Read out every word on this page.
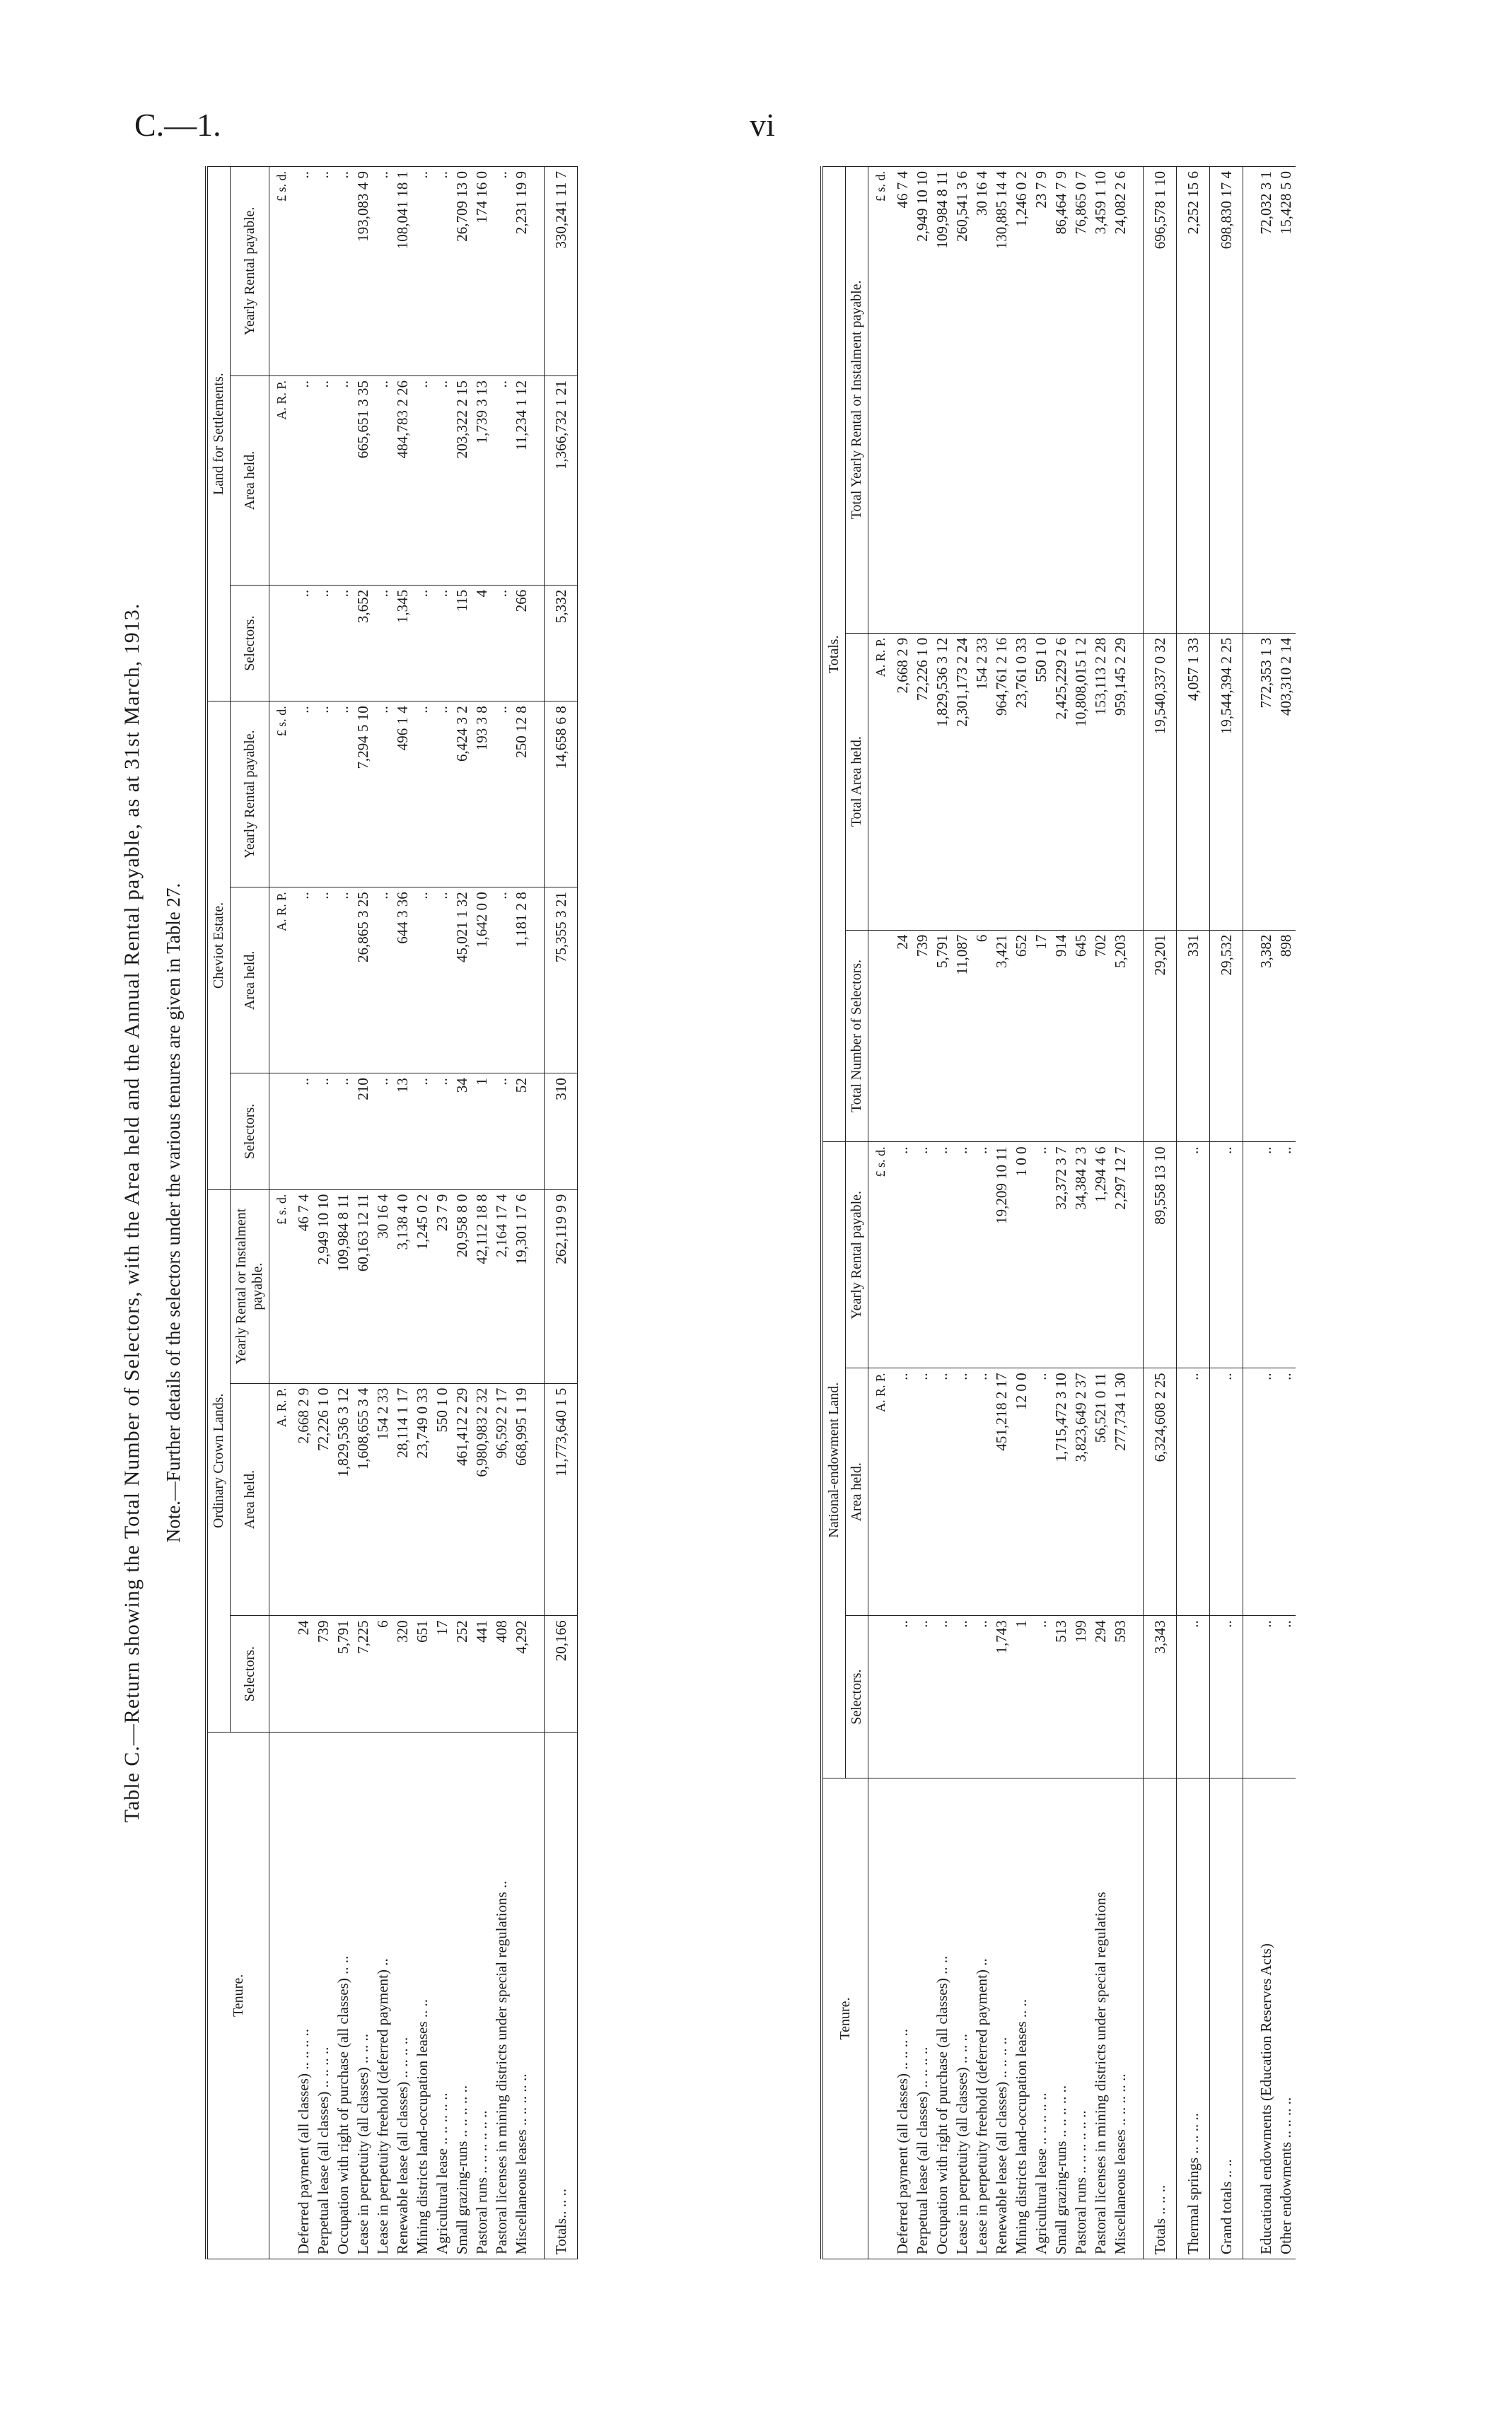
C.—1.	vi
Table C.—Return showing the Total Number of Selectors, with the Area held and the Annual Rental payable, as at 31st March, 1913. Note.—Further details of the selectors under the various tenures are given in Table 27.
Tenure.	Ordinary Crown Lands.			Cheviot Estate.			Land for Settlements.		
	Selectors.	Area held.	Yearly Rental or Instalment payable.	Selectors.	Area held.	Yearly Rental payable.	Selectors.	Area held.	Yearly Rental payable.
		A. R. P.	£ s. d.		A. R. P.	£ s. d.		A. R. P.	£ s. d.
Deferred payment (all classes) .. .. .. ..	24	2,668 2 9	46 7 4	..	..	..	..	..	..
Perpetual lease (all classes) .. .. .. ..	739	72,226 1 0	2,949 10 10	..	..	..	..	..	..
Occupation with right of purchase (all classes) .. ..	5,791	1,829,536 3 12	109,984 8 11	..	..	..	..	..	..
Lease in perpetuity (all classes) .. .. ..	7,225	1,608,655 3 4	60,163 12 11	210	26,865 3 25	7,294 5 10	3,652	665,651 3 35	193,083 4 9
Lease in perpetuity freehold (deferred payment) ..	6	154 2 33	30 16 4	..	..	..	..	..	..
Renewable lease (all classes) .. .. .. ..	320	28,114 1 17	3,138 4 0	13	644 3 36	496 1 4	1,345	484,783 2 26	108,041 18 1
Mining districts land-occupation leases .. ..	651	23,749 0 33	1,245 0 2	..	..	..	..	..	..
Agricultural lease .. .. .. .. ..	17	550 1 0	23 7 9	..	..	..	..	..	..
Small grazing-runs .. .. .. .. ..	252	461,412 2 29	20,958 8 0	34	45,021 1 32	6,424 3 2	115	203,322 2 15	26,709 13 0
Pastoral runs .. .. .. .. .. ..	441	6,980,983 2 32	42,112 18 8	1	1,642 0 0	193 3 8	4	1,739 3 13	174 16 0
Pastoral licenses in mining districts under special regulations ..	408	96,592 2 17	2,164 17 4	..	..	..	..	..	..
Miscellaneous leases .. .. .. .. ..	4,292	668,995 1 19	19,301 17 6	52	1,181 2 8	250 12 8	266	11,234 1 12	2,231 19 9

Totals.. .. ..	20,166	11,773,640 1 5	262,119 9 9	310	75,355 3 21	14,658 6 8	5,332	1,366,732 1 21	330,241 11 7
Tenure.	National-endowment Land.			Totals.		
	Selectors.	Area held.	Yearly Rental payable.	Total Number of Selectors.	Total Area held.	Total Yearly Rental or Instalment payable.
		A. R. P.	£ s. d.		A. R. P.	£ s. d.
Deferred payment (all classes) .. .. .. ..	..	..	..	24	2,668 2 9	46 7 4
Perpetual lease (all classes) .. .. .. ..	..	..	..	739	72,226 1 0	2,949 10 10
Occupation with right of purchase (all classes) .. ..	..	..	..	5,791	1,829,536 3 12	109,984 8 11
Lease in perpetuity (all classes) .. .. ..	..	..	..	11,087	2,301,173 2 24	260,541 3 6
Lease in perpetuity freehold (deferred payment) ..	..	..	..	6	154 2 33	30 16 4
Renewable lease (all classes) .. .. .. ..	1,743	451,218 2 17	19,209 10 11	3,421	964,761 2 16	130,885 14 4
Mining districts land-occupation leases .. ..	1	12 0 0	1 0 0	652	23,761 0 33	1,246 0 2
Agricultural lease .. .. .. .. ..	..	..	..	17	550 1 0	23 7 9
Small grazing-runs .. .. .. .. ..	513	1,715,472 3 10	32,372 3 7	914	2,425,229 2 6	86,464 7 9
Pastoral runs .. .. .. .. .. ..	199	3,823,649 2 37	34,384 2 3	645	10,808,015 1 2	76,865 0 7
Pastoral licenses in mining districts under special regulations	294	56,521 0 11	1,294 4 6	702	153,113 2 28	3,459 1 10
Miscellaneous leases .. .. .. .. ..	593	277,734 1 30	2,297 12 7	5,203	959,145 2 29	24,082 2 6

Totals .. .. ..	3,343	6,324,608 2 25	89,558 13 10	29,201	19,540,337 0 32	696,578 1 10
Thermal springs .. .. .. ..	..	..	..	331	4,057 1 33	2,252 15 6
Grand totals .. ..	..	..	..	29,532	19,544,394 2 25	698,830 17 4

Educational endowments (Education Reserves Acts)	..	..	..	3,382	772,353 1 3	72,032 3 1
Other endowments .. .. .. ..	..	..	..	898	403,310 2 14	15,428 5 0
